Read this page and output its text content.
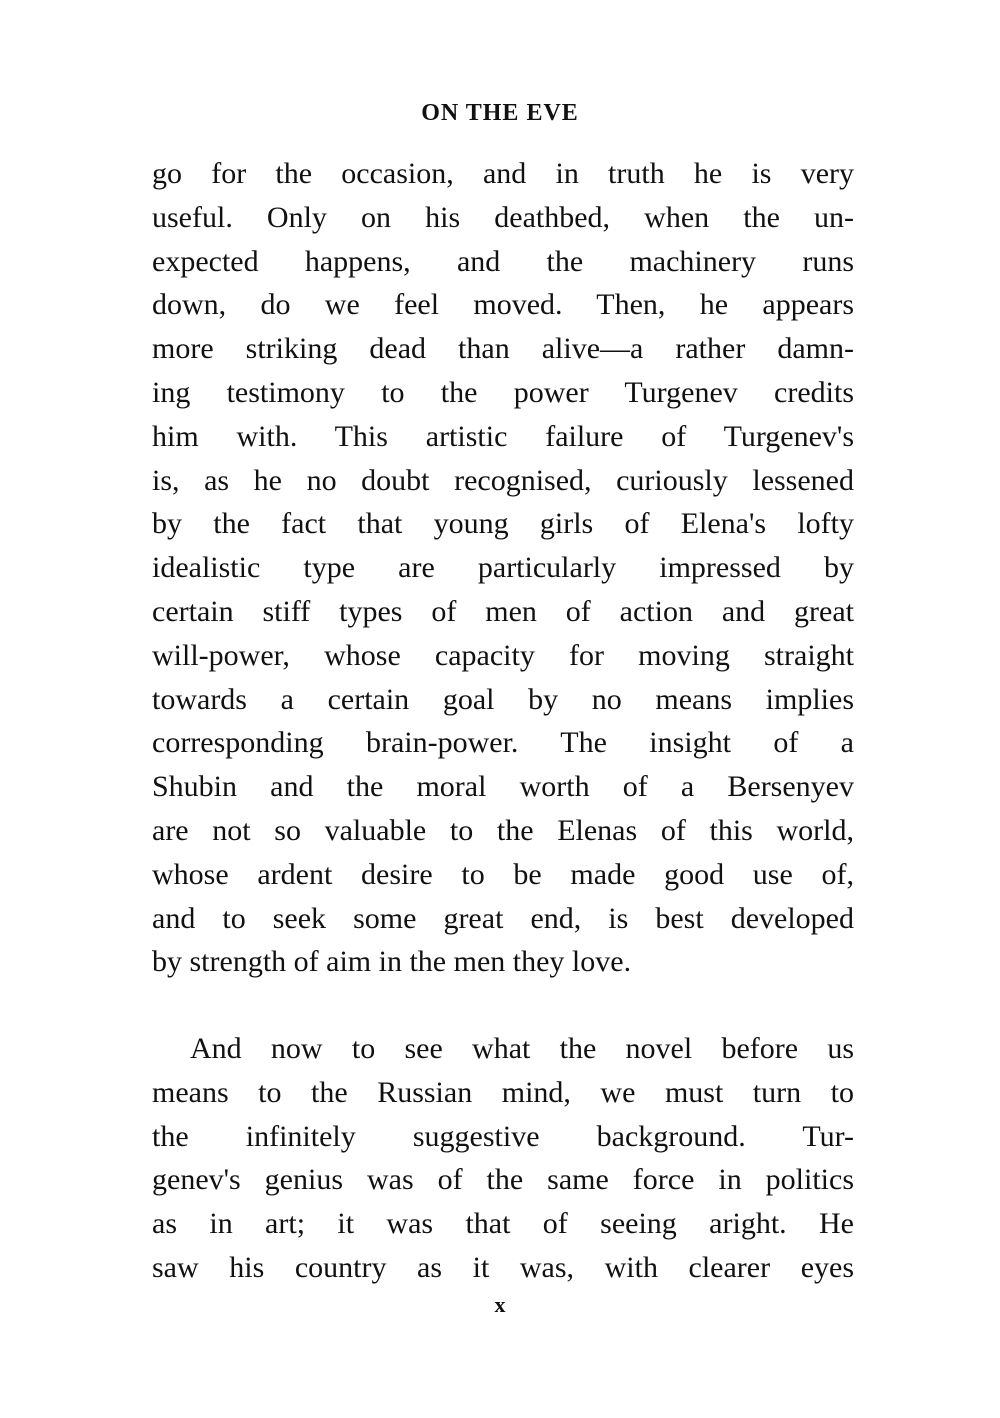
ON THE EVE
go for the occasion, and in truth he is very
useful. Only on his deathbed, when the un-
expected happens, and the machinery runs
down, do we feel moved. Then, he appears
more striking dead than alive—a rather damn-
ing testimony to the power Turgenev credits
him with. This artistic failure of Turgenev's
is, as he no doubt recognised, curiously lessened
by the fact that young girls of Elena's lofty
idealistic type are particularly impressed by
certain stiff types of men of action and great
will-power, whose capacity for moving straight
towards a certain goal by no means implies
corresponding brain-power. The insight of a
Shubin and the moral worth of a Bersenyev
are not so valuable to the Elenas of this world,
whose ardent desire to be made good use of,
and to seek some great end, is best developed
by strength of aim in the men they love.
And now to see what the novel before us
means to the Russian mind, we must turn to
the infinitely suggestive background. Tur-
genev's genius was of the same force in politics
as in art; it was that of seeing aright. He
saw his country as it was, with clearer eyes
x
